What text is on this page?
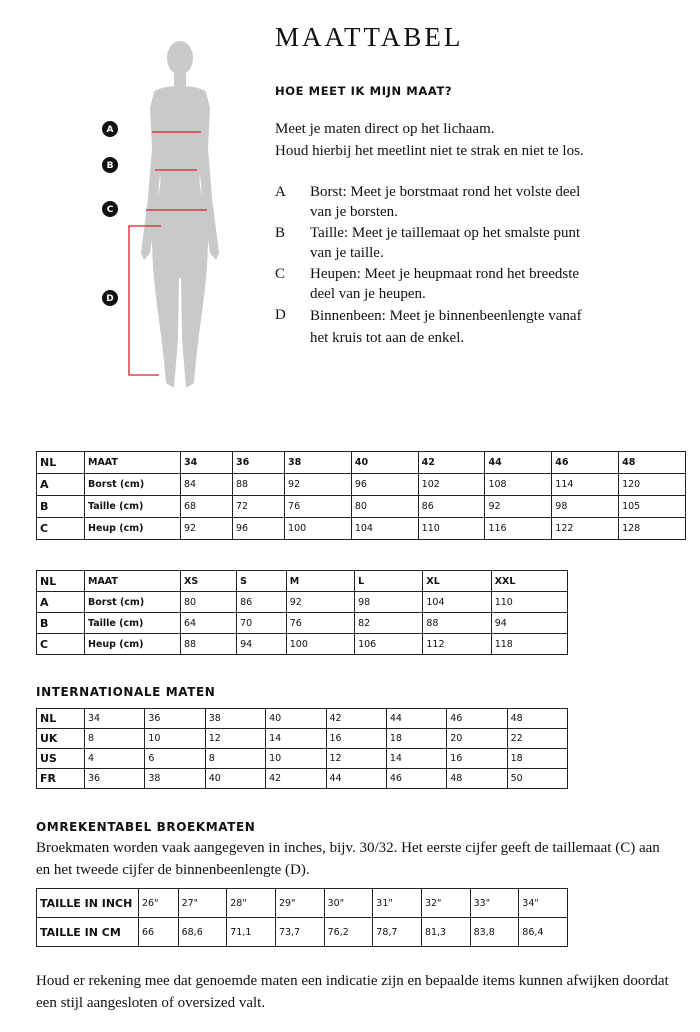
MAATTABEL
HOE MEET IK MIJN MAAT?
Meet je maten direct op het lichaam.
Houd hierbij het meetlint niet te strak en niet te los.
A	Borst: Meet je borstmaat rond het volste deel van je borsten.
B	Taille: Meet je taillemaat op het smalste punt van je taille.
C	Heupen: Meet je heupmaat rond het breedste deel van je heupen.
D	Binnenbeen: Meet je binnenbeenlengte vanaf het kruis tot aan de enkel.
A
B
C
D
NL	MAAT	34	36	38	40	42	44	46	48
A	Borst (cm)	84	88	92	96	102	108	114	120
B	Taille (cm)	68	72	76	80	86	92	98	105
C	Heup (cm)	92	96	100	104	110	116	122	128
NL	MAAT	XS	S	M	L	XL	XXL
A	Borst (cm)	80	86	92	98	104	110
B	Taille (cm)	64	70	76	82	88	94
C	Heup (cm)	88	94	100	106	112	118
INTERNATIONALE MATEN
NL	34	36	38	40	42	44	46	48
UK	8	10	12	14	16	18	20	22
US	4	6	8	10	12	14	16	18
FR	36	38	40	42	44	46	48	50
OMREKENTABEL BROEKMATEN
Broekmaten worden vaak aangegeven in inches, bijv. 30/32. Het eerste cijfer geeft de taillemaat (C) aan en het tweede cijfer de binnenbeenlengte (D).
TAILLE IN INCH	26"	27"	28"	29"	30"	31"	32"	33"	34"
TAILLE IN CM	66	68,6	71,1	73,7	76,2	78,7	81,3	83,8	86,4
Houd er rekening mee dat genoemde maten een indicatie zijn en bepaalde items kunnen afwijken doordat een stijl aangesloten of oversized valt.
